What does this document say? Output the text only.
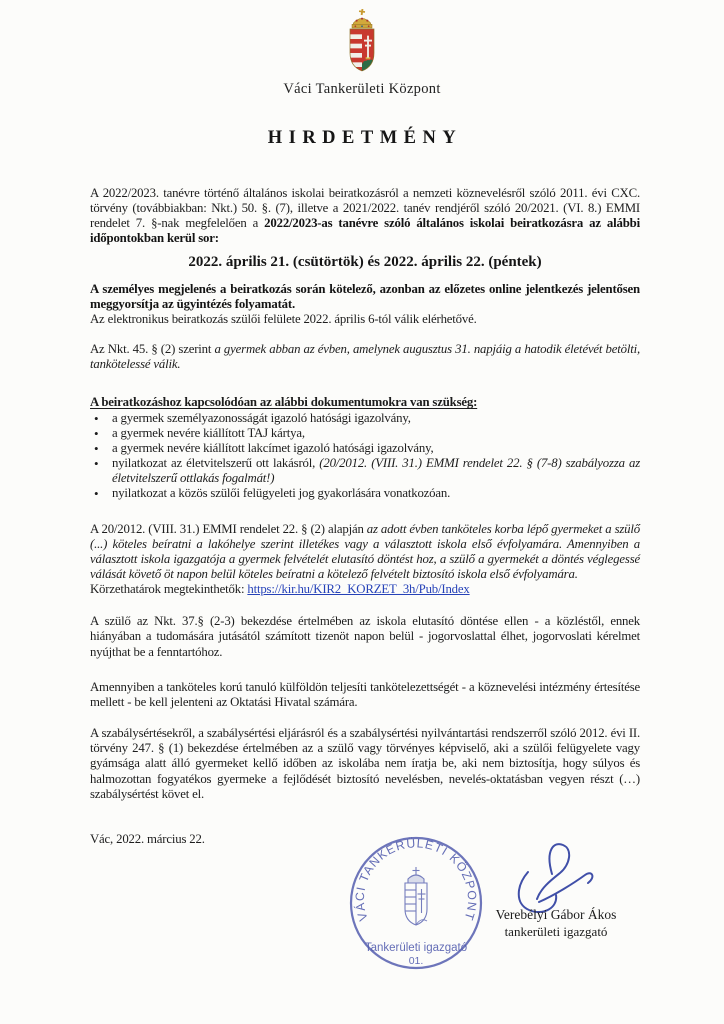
Váci Tankerületi Központ
HIRDETMÉNY

A 2022/2023. tanévre történő általános iskolai beiratkozásról a nemzeti köznevelésről szóló 2011. évi CXC. törvény (továbbiakban: Nkt.) 50. §. (7), illetve a 2021/2022. tanév rendjéről szóló 20/2021. (VI. 8.) EMMI rendelet 7. §-nak megfelelően a 2022/2023-as tanévre szóló általános iskolai beiratkozásra az alábbi időpontokban kerül sor:

2022. április 21. (csütörtök) és 2022. április 22. (péntek)

A személyes megjelenés a beiratkozás során kötelező, azonban az előzetes online jelentkezés jelentősen meggyorsítja az ügyintézés folyamatát.
Az elektronikus beiratkozás szülői felülete 2022. április 6-tól válik elérhetővé.

Az Nkt. 45. § (2) szerint a gyermek abban az évben, amelynek augusztus 31. napjáig a hatodik életévét betölti, tankötelessé válik.

A beiratkozáshoz kapcsolódóan az alábbi dokumentumokra van szükség:

• a gyermek személyazonosságát igazoló hatósági igazolvány,
• a gyermek nevére kiállított TAJ kártya,
• a gyermek nevére kiállított lakcímet igazoló hatósági igazolvány,
• nyilatkozat az életvitelszerű ott lakásról, (20/2012. (VIII. 31.) EMMI rendelet 22. § (7-8) szabályozza az életvitelszerű ottlakás fogalmát!)
• nyilatkozat a közös szülői felügyeleti jog gyakorlására vonatkozóan.

A 20/2012. (VIII. 31.) EMMI rendelet 22. § (2) alapján az adott évben tanköteles korba lépő gyermeket a szülő (...) köteles beíratni a lakóhelye szerint illetékes vagy a választott iskola első évfolyamára. Amennyiben a választott iskola igazgatója a gyermek felvételét elutasító döntést hoz, a szülő a gyermekét a döntés véglegessé válását követő öt napon belül köteles beíratni a kötelező felvételt biztosító iskola első évfolyamára.
Körzethatárok megtekinthetők: https://kir.hu/KIR2_KORZET_3h/Pub/Index

A szülő az Nkt. 37.§ (2-3) bekezdése értelmében az iskola elutasító döntése ellen - a közléstől, ennek hiányában a tudomására jutásától számított tizenöt napon belül - jogorvoslattal élhet, jogorvoslati kérelmet nyújthat be a fenntartóhoz.

Amennyiben a tanköteles korú tanuló külföldön teljesíti tankötelezettségét - a köznevelési intézmény értesítése mellett - be kell jelenteni az Oktatási Hivatal számára.

A szabálysértésekről, a szabálysértési eljárásról és a szabálysértési nyilvántartási rendszerről szóló 2012. évi II. törvény 247. § (1) bekezdése értelmében az a szülő vagy törvényes képviselő, aki a szülői felügyelete vagy gyámsága alatt álló gyermeket kellő időben az iskolába nem íratja be, aki nem biztosítja, hogy súlyos és halmozottan fogyatékos gyermeke a fejlődését biztosító nevelésben, nevelés-oktatásban vegyen részt (…) szabálysértést követ el.

Vác, 2022. március 22.

VÁCI TANKERÜLETI KÖZPONT
Tankerületi igazgató
01.
Verebélyi Gábor Ákos
tankerületi igazgató
